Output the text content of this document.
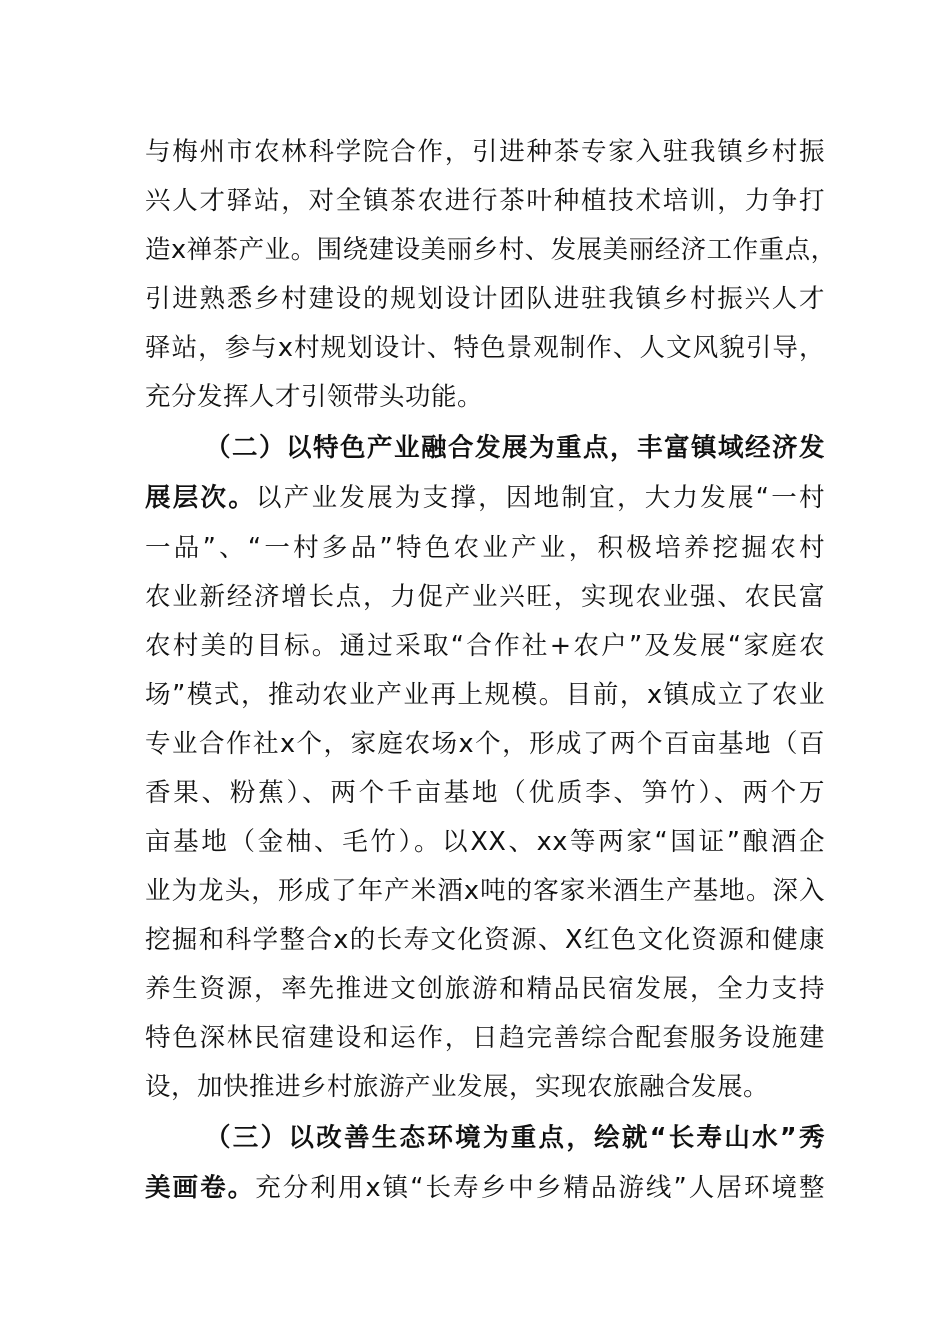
与梅州市农林科学院合作，引进种茶专家入驻我镇乡村振
兴人才驿站，对全镇茶农进行茶叶种植技术培训，力争打
造x禅茶产业。围绕建设美丽乡村、发展美丽经济工作重点，
引进熟悉乡村建设的规划设计团队进驻我镇乡村振兴人才
驿站，参与x村规划设计、特色景观制作、人文风貌引导，
充分发挥人才引领带头功能。
（二）以特色产业融合发展为重点，丰富镇域经济发
展层次。以产业发展为支撑，因地制宜，大力发展“一村
一品”、“一村多品”特色农业产业，积极培养挖掘农村
农业新经济增长点，力促产业兴旺，实现农业强、农民富
农村美的目标。通过采取“合作社+农户”及发展“家庭农
场”模式，推动农业产业再上规模。目前，x镇成立了农业
专业合作社x个，家庭农场x个，形成了两个百亩基地（百
香果、粉蕉）、两个千亩基地（优质李、笋竹）、两个万
亩基地（金柚、毛竹）。以XX、xx等两家“国证”酿酒企
业为龙头，形成了年产米酒x吨的客家米酒生产基地。深入
挖掘和科学整合x的长寿文化资源、X红色文化资源和健康
养生资源，率先推进文创旅游和精品民宿发展，全力支持
特色深林民宿建设和运作，日趋完善综合配套服务设施建
设，加快推进乡村旅游产业发展，实现农旅融合发展。
（三）以改善生态环境为重点，绘就“长寿山水”秀
美画卷。充分利用x镇“长寿乡中乡精品游线”人居环境整
